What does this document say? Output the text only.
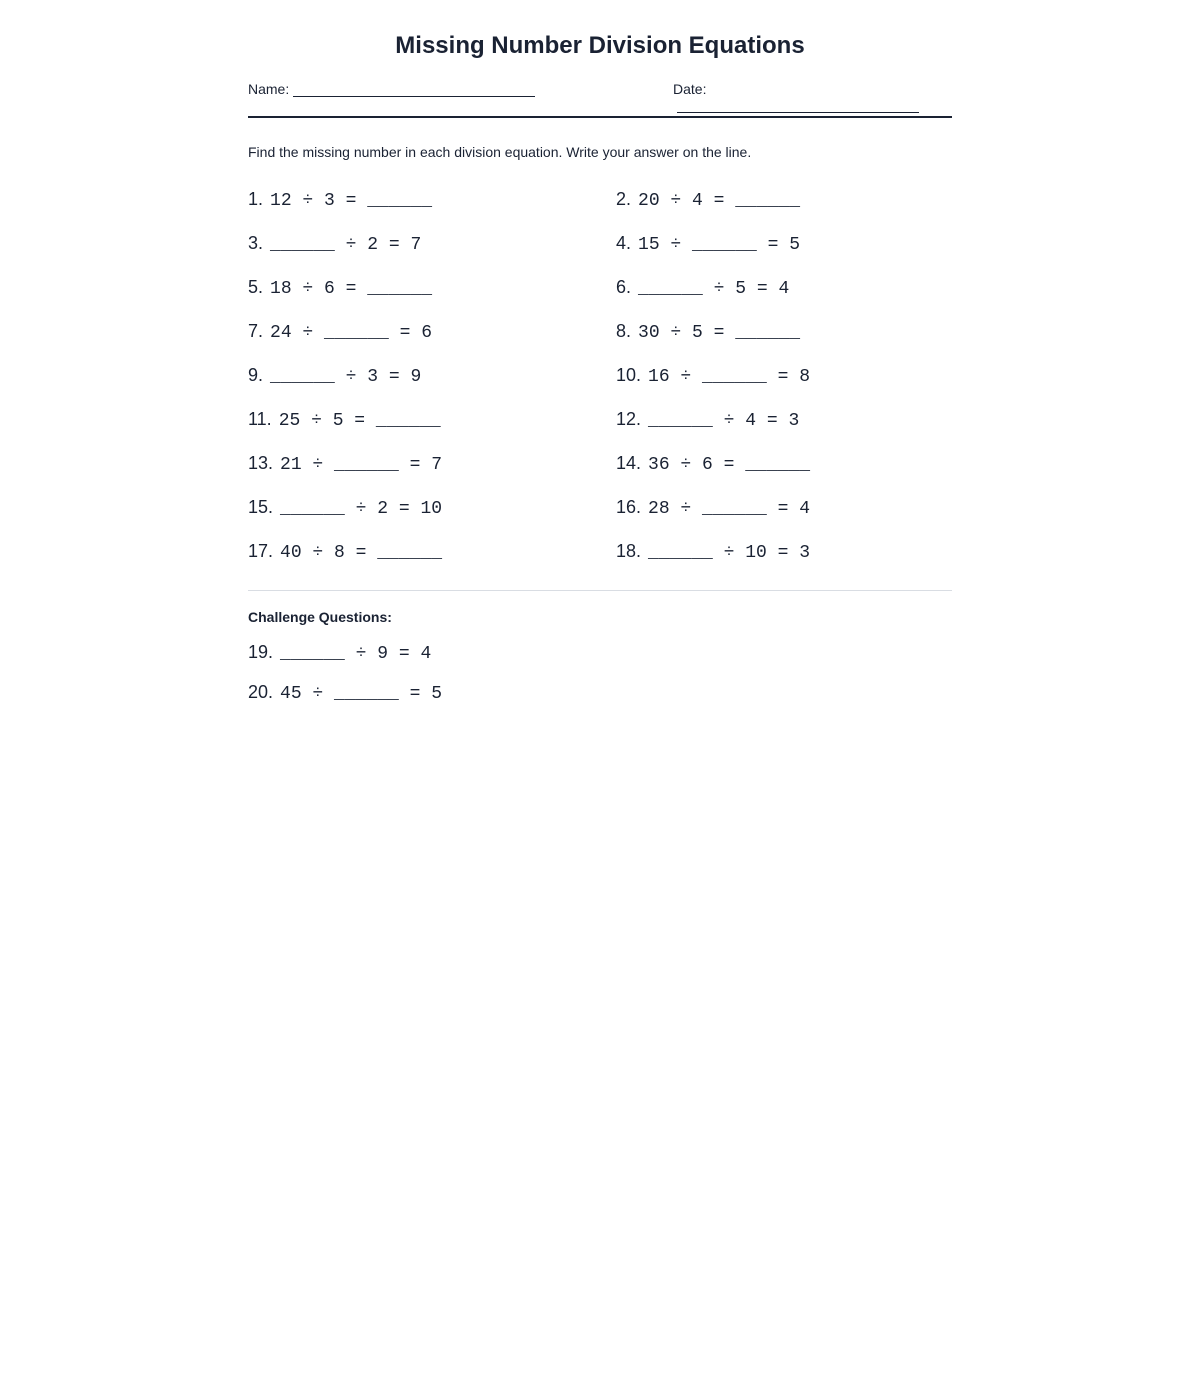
Missing Number Division Equations
Name:	Date:
Find the missing number in each division equation. Write your answer on the line.
1. 12 ÷ 3 = ______	2. 20 ÷ 4 = ______
3. ______ ÷ 2 = 7	4. 15 ÷ ______ = 5
5. 18 ÷ 6 = ______	6. ______ ÷ 5 = 4
7. 24 ÷ ______ = 6	8. 30 ÷ 5 = ______
9. ______ ÷ 3 = 9	10. 16 ÷ ______ = 8
11. 25 ÷ 5 = ______	12. ______ ÷ 4 = 3
13. 21 ÷ ______ = 7	14. 36 ÷ 6 = ______
15. ______ ÷ 2 = 10	16. 28 ÷ ______ = 4
17. 40 ÷ 8 = ______	18. ______ ÷ 10 = 3
Challenge Questions:
19. ______ ÷ 9 = 4
20. 45 ÷ ______ = 5
